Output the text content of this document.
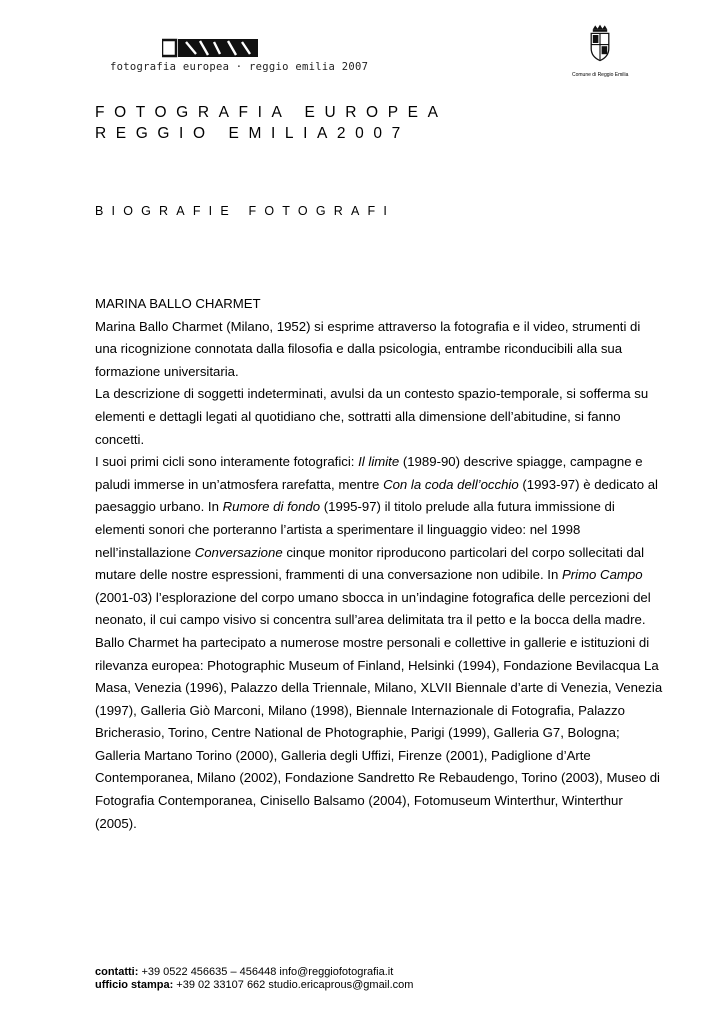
fotografia europea · reggio emilia 2007
Comune di Reggio Emilia
FOTOGRAFIA EUROPEA
REGGIO EMILIA2007
BIOGRAFIE FOTOGRAFI

MARINA BALLO CHARMET

Marina Ballo Charmet (Milano, 1952) si esprime attraverso la fotografia e il video, strumenti di una ricognizione connotata dalla filosofia e dalla psicologia, entrambe riconducibili alla sua formazione universitaria.

La descrizione di soggetti indeterminati, avulsi da un contesto spazio-temporale, si sofferma su elementi e dettagli legati al quotidiano che, sottratti alla dimensione dell’abitudine, si fanno concetti.

I suoi primi cicli sono interamente fotografici: Il limite (1989-90) descrive spiagge, campagne e paludi immerse in un’atmosfera rarefatta, mentre Con la coda dell’occhio (1993-97) è dedicato al paesaggio urbano. In Rumore di fondo (1995-97) il titolo prelude alla futura immissione di elementi sonori che porteranno l’artista a sperimentare il linguaggio video: nel 1998 nell’installazione Conversazione cinque monitor riproducono particolari del corpo sollecitati dal mutare delle nostre espressioni, frammenti di una conversazione non udibile. In Primo Campo (2001-03) l’esplorazione del corpo umano sbocca in un’indagine fotografica delle percezioni del neonato, il cui campo visivo si concentra sull’area delimitata tra il petto e la bocca della madre.

Ballo Charmet ha partecipato a numerose mostre personali e collettive in gallerie e istituzioni di rilevanza europea: Photographic Museum of Finland, Helsinki (1994), Fondazione Bevilacqua La Masa, Venezia (1996), Palazzo della Triennale, Milano, XLVII Biennale d’arte di Venezia, Venezia (1997), Galleria Giò Marconi, Milano (1998), Biennale Internazionale di Fotografia, Palazzo Bricherasio, Torino, Centre National de Photographie, Parigi (1999), Galleria G7, Bologna; Galleria Martano Torino (2000), Galleria degli Uffizi, Firenze (2001), Padiglione d’Arte Contemporanea, Milano (2002), Fondazione Sandretto Re Rebaudengo, Torino (2003), Museo di Fotografia Contemporanea, Cinisello Balsamo (2004), Fotomuseum Winterthur, Winterthur (2005).

contatti: +39 0522 456635 – 456448 info@reggiofotografia.it
ufficio stampa: +39 02 33107 662 studio.ericaprous@gmail.com
